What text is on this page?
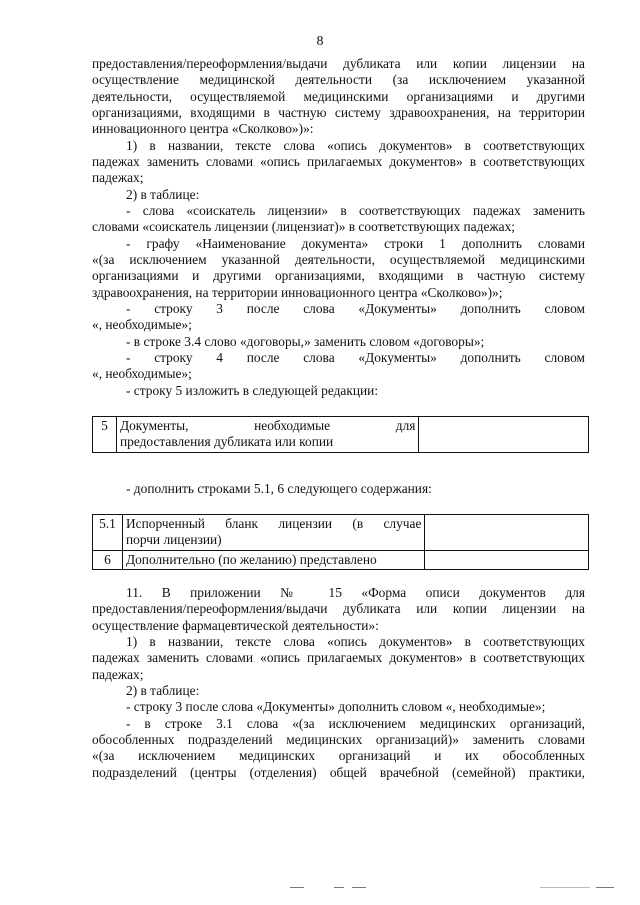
8
предоставления/переоформления/выдачи дубликата или копии лицензии на
осуществление медицинской деятельности (за исключением указанной
деятельности, осуществляемой медицинскими организациями и другими
организациями, входящими в частную систему здравоохранения, на территории
инновационного центра «Сколково»)»:
1) в названии, тексте слова «опись документов» в соответствующих
падежах заменить словами «опись прилагаемых документов» в соответствующих
падежах;
2) в таблице:
- слова «соискатель лицензии» в соответствующих падежах заменить
словами «соискатель лицензии (лицензиат)» в соответствующих падежах;
- графу «Наименование документа» строки 1 дополнить словами
«(за исключением указанной деятельности, осуществляемой медицинскими
организациями и другими организациями, входящими в частную систему
здравоохранения, на территории инновационного центра «Сколково»)»;
- строку 3 после слова «Документы» дополнить словом
«, необходимые»;
- в строке 3.4 слово «договоры,» заменить словом «договоры»;
- строку 4 после слова «Документы» дополнить словом
«, необходимые»;
- строку 5 изложить в следующей редакции:
5	Документы, необходимые для
предоставления дубликата или копии	
- дополнить строками 5.1, 6 следующего содержания:
5.1	Испорченный бланк лицензии (в случае
порчи лицензии)	
6	Дополнительно (по желанию) представлено	
11. В приложении № 15 «Форма описи документов для
предоставления/переоформления/выдачи дубликата или копии лицензии на
осуществление фармацевтической деятельности»:
1) в названии, тексте слова «опись документов» в соответствующих
падежах заменить словами «опись прилагаемых документов» в соответствующих
падежах;
2) в таблице:
- строку 3 после слова «Документы» дополнить словом «, необходимые»;
- в строке 3.1 слова «(за исключением медицинских организаций,
обособленных подразделений медицинских организаций)» заменить словами
«(за исключением медицинских организаций и их обособленных
подразделений (центры (отделения) общей врачебной (семейной) практики,
